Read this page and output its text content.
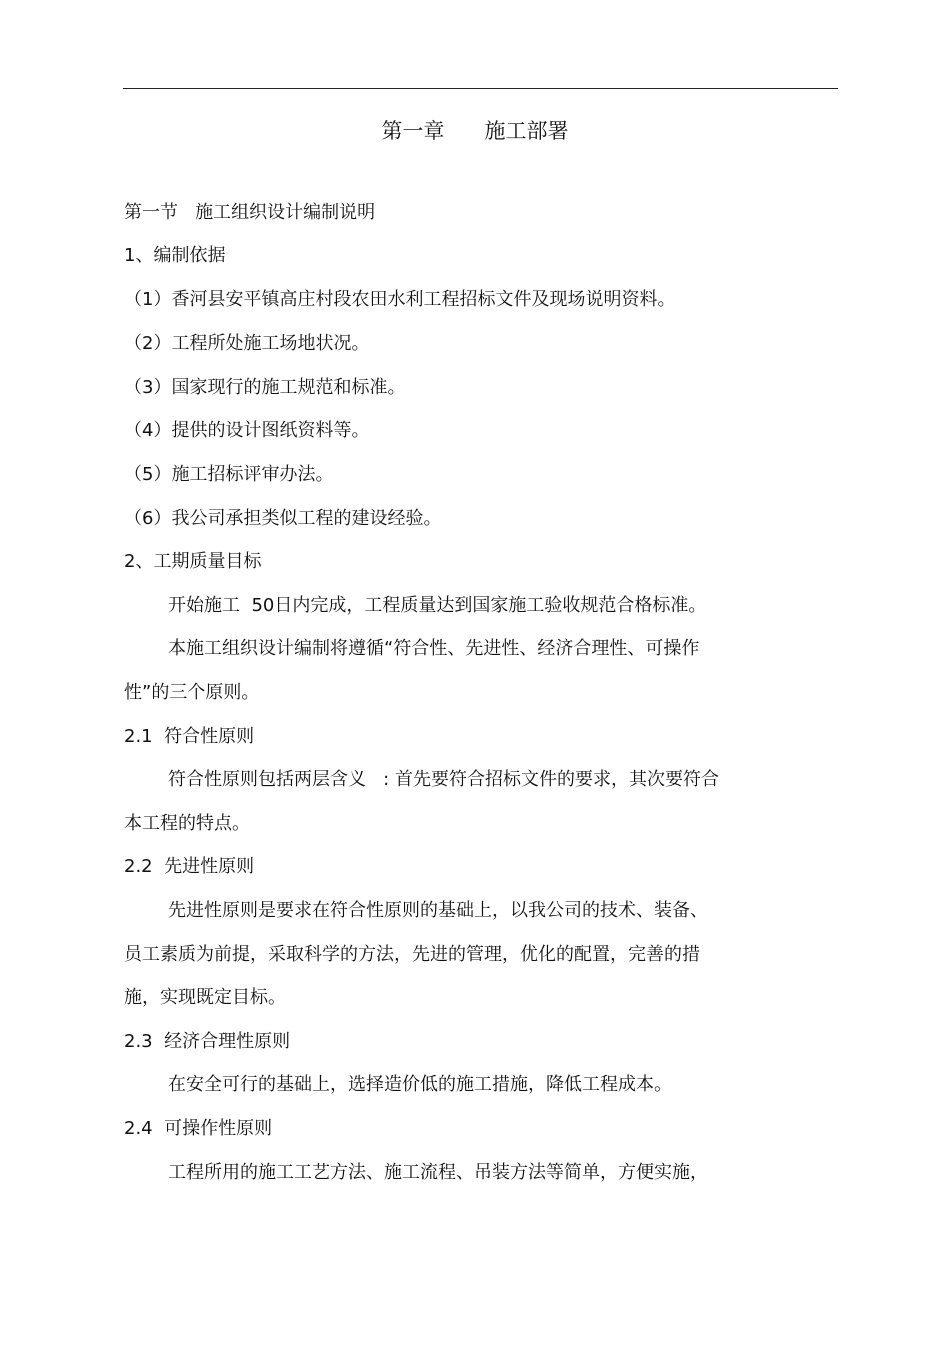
第一章      施工部署
第一节   施工组织设计编制说明
1、编制依据
（1）香河县安平镇高庄村段农田水利工程招标文件及现场说明资料。
（2）工程所处施工场地状况。
（3）国家现行的施工规范和标准。
（4）提供的设计图纸资料等。
（5）施工招标评审办法。
（6）我公司承担类似工程的建设经验。
2、工期质量目标
开始施工  50日内完成，工程质量达到国家施工验收规范合格标准。
本施工组织设计编制将遵循“符合性、先进性、经济合理性、可操作
性”的三个原则。
2.1  符合性原则
符合性原则包括两层含义   : 首先要符合招标文件的要求，其次要符合
本工程的特点。
2.2  先进性原则
先进性原则是要求在符合性原则的基础上，以我公司的技术、装备、
员工素质为前提，采取科学的方法，先进的管理，优化的配置，完善的措
施，实现既定目标。
2.3  经济合理性原则
在安全可行的基础上，选择造价低的施工措施，降低工程成本。
2.4  可操作性原则
工程所用的施工工艺方法、施工流程、吊装方法等简单，方便实施，
